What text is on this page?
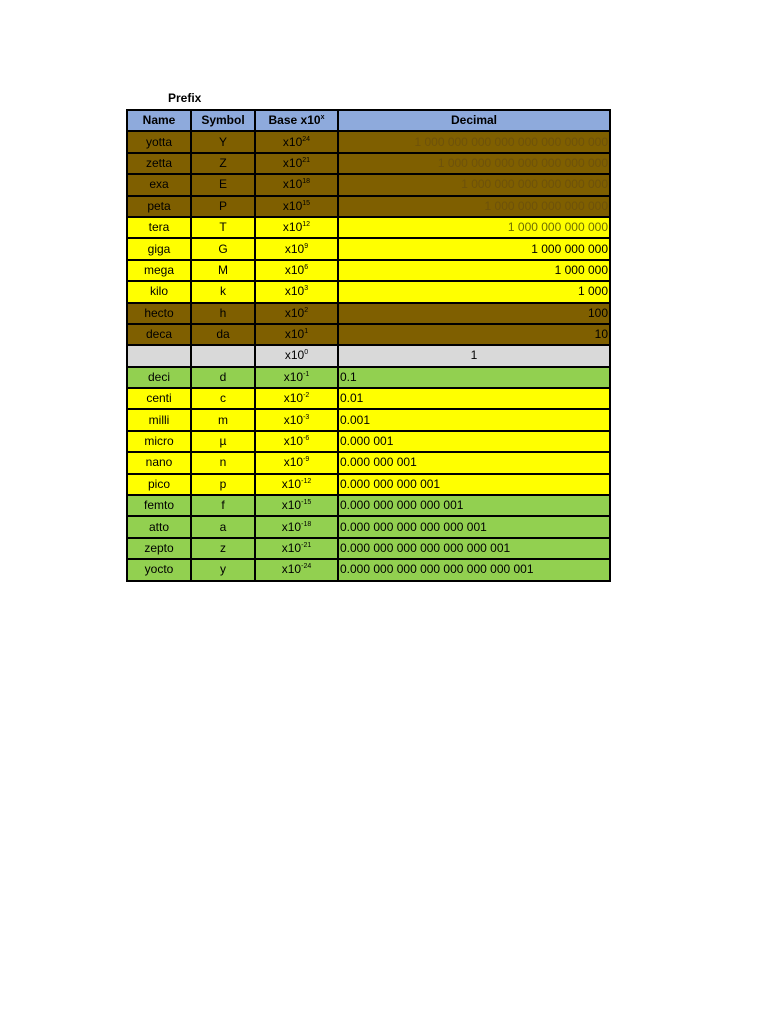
Prefix
Name	Symbol	Base x10$^x$	Decimal
yotta	Y	$x10^{24}$	1 000 000 000 000 000 000 000 000
zetta	Z	$x10^{21}$	1 000 000 000 000 000 000 000
exa	E	$x10^{18}$	1 000 000 000 000 000 000
peta	P	$x10^{15}$	1 000 000 000 000 000
tera	T	$x10^{12}$	1 000 000 000 000
giga	G	$x10^9$	1 000 000 000
mega	M	$x10^6$	1 000 000
kilo	k	$x10^3$	1 000
hecto	h	$x10^2$	100
deca	da	$x10^1$	10
		$x10^0$	1
deci	d	$x10^{-1}$	0.1
centi	c	$x10^{-2}$	0.01
milli	m	$x10^{-3}$	0.001
micro	µ	$x10^{-6}$	0.000 001
nano	n	$x10^{-9}$	0.000 000 001
pico	p	$x10^{-12}$	0.000 000 000 001
femto	f	$x10^{-15}$	0.000 000 000 000 001
atto	a	$x10^{-18}$	0.000 000 000 000 000 001
zepto	z	$x10^{-21}$	0.000 000 000 000 000 000 001
yocto	y	$x10^{-24}$	0.000 000 000 000 000 000 000 001
